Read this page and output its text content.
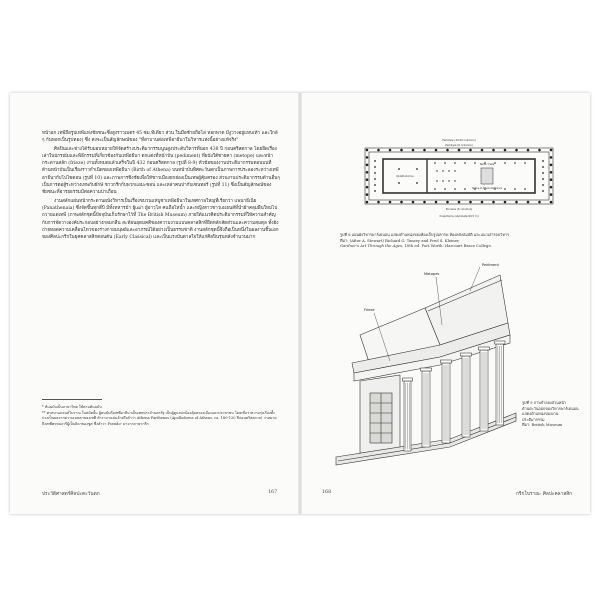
หน้าอก เทพีถือรูปเทพีแห่งชัยชนะซึ่งสูงราวเมตร 45 ซม.ทีเดียว ส่วน ในมือซ้ายถือโล่ หอกพาด มีงูวางอยู่แทบเท้า และใกล้ ๆ กันหอกเป็นรูปทอง) ซึ่ง คงจะเป็นสัญลักษณ์ของ "ที่สาบานต่อเทพีอาธีนาในวิหารแห่งนี้อย่างแท้จริง"

ศิลปินและช่างได้รับมอบหมายให้จัดสร้างประติมากรรมนูนสูงประดับวิหารที่นอก 438 ปี ก่อนคริสตกาล โดยยึดเรื่องเล่าในปกรณัมและพิธีกรรมที่เกี่ยวข้องกับเทพีอธีนา ตกแต่งที่หน้าบัน (pediment) ที่ผนังใต้ชายคา (metope) และหน้ากระดานสลัก (frieze) งานทั้งหมดแล้วเสร็จในปี 432 ก่อนคริสตกาล (รูปที่ 8-9) หัวข้อของงานประติมากรรมตอนบนที่ด้านหน้าบันเป็นเรื่องราวกำเนิดของเทพีอธีนา (Birth of Athena) บนหน้าบันทิศตะวันตกเป็นภาพการประลองระหว่างเทพีอาธีนากับโปไซดอน (รูปที่ 10) และภาพการชิงชัยเพื่อให้ชาวเมืองยกย่องเป็นเทพผู้คุ้มครอง ส่วนงานประติมากรรมด้านอื่นๆ เป็นการต่อสู้ระหว่างเทพกับยักษ์ ชาวกรีกกับพวกแอมะซอน และเหล่าคนป่ากับเซนทอร์ (รูปที่ 11) ซึ่งเป็นสัญลักษณ์ของชัยชนะที่อารยธรรมมีต่อความป่าเถื่อน

งานสลักแผ่นหน้ากระดานผนังวิหารเป็นเรื่องขบวนแห่บูชาเทพีอธีนาในเทศกาลใหญ่ที่เรียกว่า แพนาธีเนีย (Panathenaia) ซึ่งจัดขึ้นทุกสี่ปี มีทั้งทหารม้า ผู้เฒ่า ผู้อาวุโส คนถือไหน้ำ และหญิงสาวชาวเอเธนส์ที่นำผ้าคลุมผืนใหม่ไปถวายแด่เทพี (ภาพสลักชุดนี้ปัจจุบันเก็บรักษาไว้ที่ The British Museum) ภายใต้แนวคิดประติมากรรมที่ให้ความสำคัญกับการจัดวางองค์ประกอบอย่างกลมกลืน สะท้อนอุดมคติของความงามแบบคลาสสิกที่ยึดหลักสัดส่วนและความสมดุล ทั้งยังถ่ายทอดความเคลื่อนไหวของร่างกายมนุษย์และอาภรณ์ได้อย่างเป็นธรรมชาติ งานสลักชุดนี้จึงถือเป็นหนึ่งในผลงานชิ้นเอกของศิลปะกรีกในยุคคลาสสิกตอนต้น (Early Classical) และเป็นแรงบันดาลใจให้แก่ศิลปินรุ่นหลังจำนวนมาก

* ต้นฉบับเป็นภาษาไทย ใช้ตามต้นฉบับ

** ศาสนาเอเธนส์โบราณ ในสมัยนั้น ผู้คนนับถือเทพีอาธีนาเป็นเทพประจำนครรัฐ เป็นผู้ดูแลปกป้องคุ้มครองเมืองและประชาชน โดยเชื่อว่าความรุ่งเรืองทั้งปวงเป็นผลจากความเมตตาของเทพี ตำราบางเล่มอ้างถึงคำว่า Athena Parthenos (Apollodorus of Athens, ca. 180-120 ปีก่อนคริสตกาล) ว่าหมายถึงเทพีพรหมจารีผู้เป็นธิดาของซูส ซึ่งคำว่า Pseudo- มาจากภาษากรีก

ประวัติศาสตร์ศิลปะตะวันตก	167
Peristyle (44-56 columns)
Peristyle (8 columns)
Naos / Cella
Statue of Athena Parthenos
Opisthodomos
Pronaos (6 columns)
Crepidoma (stylobate 69.5 m)
รูปที่ 8 แผนผังวิหารพาร์เธนอน แสดงตำแหน่งของห้องเก็บรูปเคารพ ห้องคลังสมบัติ และแนวเสารอบวิหาร
ที่มา: (After A. Stewart) Richard G. Tansey and Fred S. Kleiner,
Gardner's Art Through the Ages, 10th ed. Fort Worth: Harcourt Brace College.
Pediment
Metopes
Frieze
รูปที่ 9 ภาพจำลองส่วนหน้า
ด้านตะวันออกของวิหารพาร์เธนอน
แสดงตำแหน่งของงาน
ประติมากรรม
ที่มา: British Museum
168	กรีกโบราณ: ศิลปะคลาสสิก
